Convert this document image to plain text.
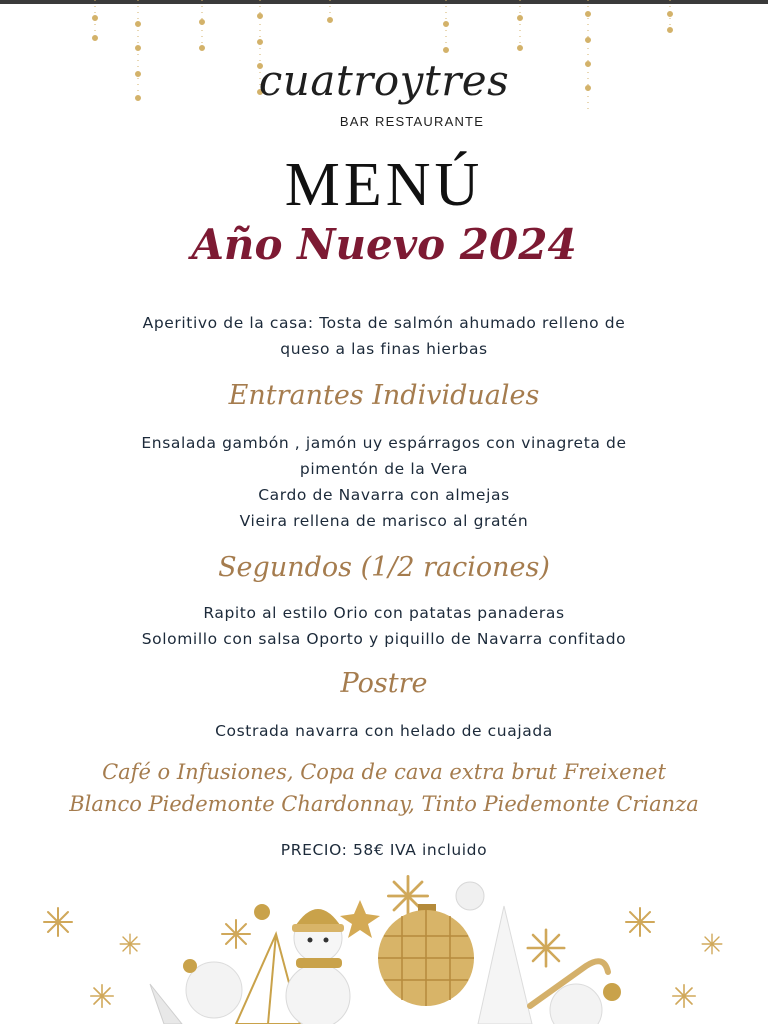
cuatroytres
BAR RESTAURANTE
MENÚ
Año Nuevo 2024
Aperitivo de la casa: Tosta de salmón ahumado relleno de
queso a las finas hierbas
Entrantes Individuales
Ensalada gambón , jamón uy espárragos con vinagreta de
pimentón de la Vera
Cardo de Navarra con almejas
Vieira rellena de marisco al gratén
Segundos (1/2 raciones)
Rapito al estilo Orio con patatas panaderas
Solomillo con salsa Oporto y piquillo de Navarra confitado
Postre
Costrada navarra con helado de cuajada
Café o Infusiones, Copa de cava extra brut Freixenet
Blanco Piedemonte Chardonnay, Tinto Piedemonte Crianza
PRECIO: 58€ IVA incluido
